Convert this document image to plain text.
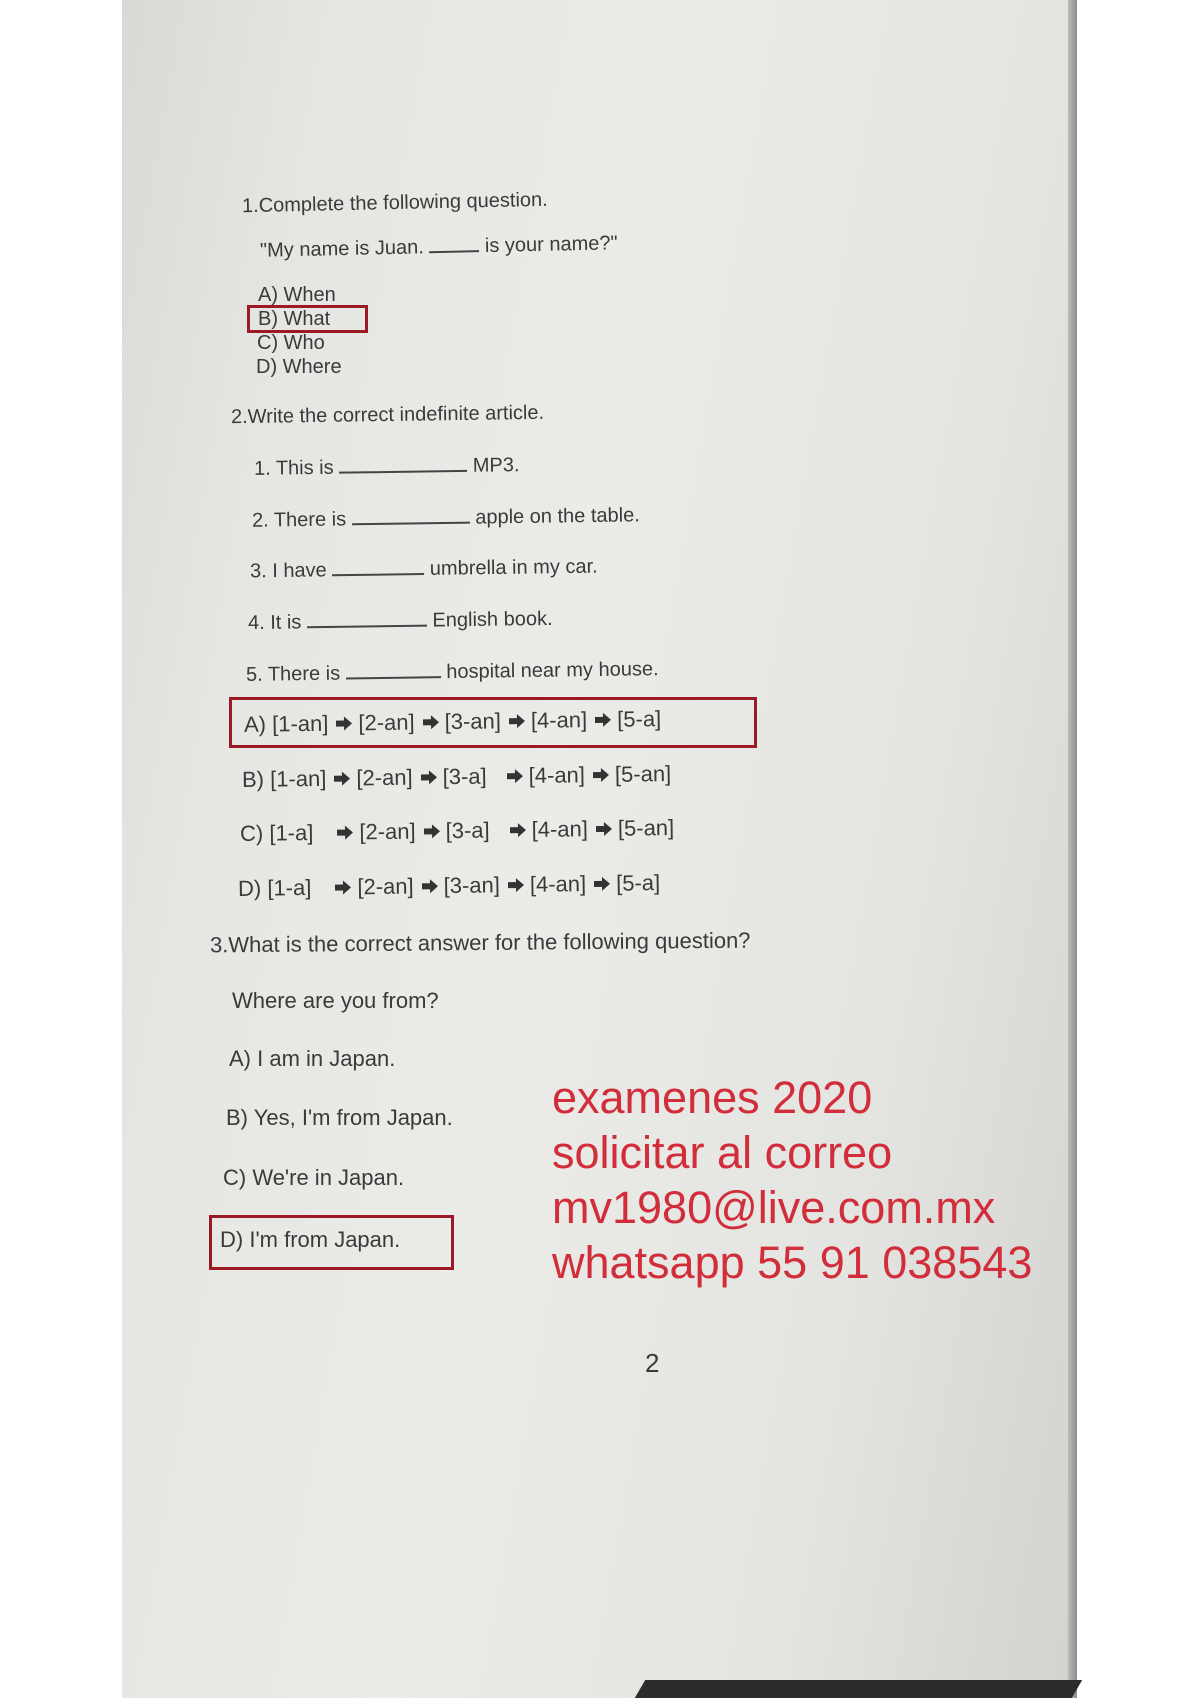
1.Complete the following question.
"My name is Juan.	is your name?"
A) When
B) What
C) Who
D) Where
2.Write the correct indefinite article.
1. This is	MP3.
2. There is	apple on the table.
3. I have	umbrella in my car.
4. It is	English book.
5. There is	hospital near my house.
A)
[1-an] [2-an] [3-an] [4-an] [5-a]
B)
[1-an] [2-an] [3-a] [4-an] [5-an]
C)
[1-a] [2-an] [3-a] [4-an] [5-an]
D)
[1-a] [2-an] [3-an] [4-an] [5-a]
3.What is the correct answer for the following question?
Where are you from?
A) I am in Japan.
B) Yes, I'm from Japan.
C) We're in Japan.
D) I'm from Japan.
examenes 2020
solicitar al correo
mv1980@live.com.mx
whatsapp 55 91 038543
2
